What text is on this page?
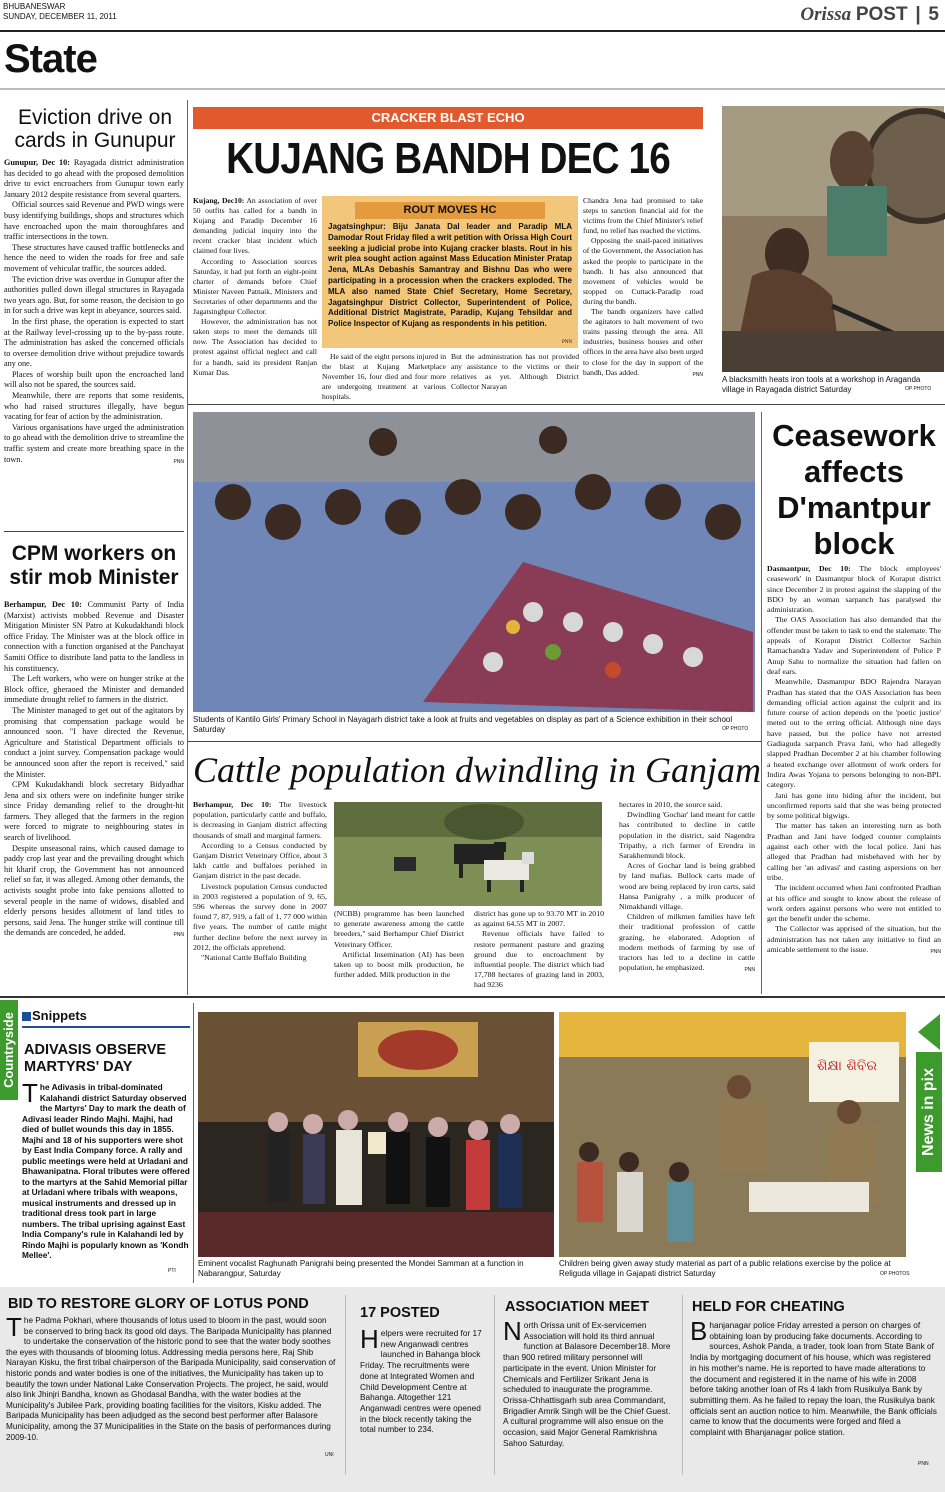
BHUBANESWAR
SUNDAY, DECEMBER 11, 2011	Orissa POST | 5
State
Eviction drive on cards in Gunupur

Gunupur, Dec 10: Rayagada district administration has decided to go ahead with the proposed demolition drive to evict encroachers from Gunupur town early January 2012 despite resistance from several quarters.

Official sources said Revenue and PWD wings were busy identifying buildings, shops and structures which have encroached upon the main thoroughfares and traffic intersections in the town.

These structures have caused traffic bottlenecks and hence the need to widen the roads for free and safe movement of vehicular traffic, the sources added.

The eviction drive was overdue in Gunupur after the authorities pulled down illegal structures in Rayagada two years ago. But, for some reason, the decision to go in for such a drive was kept in abeyance, sources said.

In the first phase, the operation is expected to start at the Railway level-crossing up to the by-pass route. The administration has asked the concerned officials to oversee demolition drive without prejudice towards any one.

Places of worship built upon the encroached land will also not be spared, the sources said.

Meanwhile, there are reports that some residents, who had raised structures illegally, have begun vacating for fear of action by the administration.

Various organisations have urged the administration to go ahead with the demolition drive to streamline the traffic system and create more breathing space in the town.	PNN

CPM workers on stir mob Minister

Berhampur, Dec 10: Communist Party of India (Marxist) activists mobbed Revenue and Disaster Mitigation Minister SN Patro at Kukudakhandi block office Friday. The Minister was at the block office in connection with a function organised at the Panchayat Samiti Office to distribute land patta to the landless in his constituency.

The Left workers, who were on hunger strike at the Block office, gheraoed the Minister and demanded immediate drought relief to farmers in the district.

The Minister managed to get out of the agitators by promising that compensation package would be announced soon. "I have directed the Revenue, Agriculture and Statistical Department officials to conduct a joint survey. Compensation package would be announced soon after the report is received," said the Minister.

CPM Kukudakhandi block secretary Bidyadhar Jena and six others were on indefinite hunger strike since Friday demanding relief to the drought-hit farmers. They alleged that the farmers in the region were forced to migrate to neighbouring states in search of livelihood.

Despite unseasonal rains, which caused damage to paddy crop last year and the prevailing drought which hit kharif crop, the Government has not announced relief so far, it was alleged. Among other demands, the activists sought probe into fake pensions allotted to several people in the name of widows, disabled and elderly persons besides allotment of land titles to persons, said Jena. The hunger strike will continue till the demands are conceded, he added.	PNN

CRACKER BLAST ECHO
KUJANG BANDH DEC 16

Kujang, Dec10: An association of over 50 outfits has called for a bandh in Kujang and Paradip December 16 demanding judicial inquiry into the recent cracker blast incident which claimed four lives.

According to Association sources Saturday, it had put forth an eight-point charter of demands before Chief Minister Naveen Patnaik, Ministers and Secretaries of other departments and the Jagatsinghpur Collector.

However, the administration has not taken steps to meet the demands till now. The Association has decided to protest against official neglect and call for a bandh, said its president Ranjan Kumar Das.

ROUT MOVES HC
Jagatsinghpur: Biju Janata Dal leader and Paradip MLA Damodar Rout Friday filed a writ petition with Orissa High Court seeking a judicial probe into Kujang cracker blasts. Rout in his writ plea sought action against Mass Education Minister Pratap Jena, MLAs Debashis Samantray and Bishnu Das who were participating in a procession when the crackers exploded. The MLA also named State Chief Secretary, Home Secretary, Jagatsinghpur District Collector, Superintendent of Police, Additional District Magistrate, Paradip, Kujang Tehsildar and Police Inspector of Kujang as respondents in his petition.
PNN

He said of the eight persons injured in the blast at Kujang Marketplace November 16, four died and four more are undergoing treatment at various hospitals.

But the administration has not provided any assistance to the victims or their relatives as yet. Although District Collector Narayan

Chandra Jena had promised to take steps to sanction financial aid for the victims from the Chief Minister's relief fund, no relief has reached the victims.

Opposing the snail-paced initiatives of the Government, the Association has asked the people to participate in the bandh. It has also announced that movement of vehicles would be stopped on Cuttack-Paradip road during the bandh.

The bandh organizers have called the agitators to halt movement of two trains passing through the area. All industries, business houses and other offices in the area have also been urged to close for the day in support of the bandh, Das added.	PNN

A blacksmith heats iron tools at a workshop in Araganda village in Rayagada district Saturday	OP PHOTO
Students of Kantilo Girls' Primary School in Nayagarh district take a look at fruits and vegetables on display as part of a Science exhibition in their school Saturday	OP PHOTO
Ceasework affects D'mantpur block

Dasmantpur, Dec 10: The block employees' ceasework' in Dasmantpur block of Koraput district since December 2 in protest against the slapping of the BDO by an woman sarpanch has paralysed the administration.

The OAS Association has also demanded that the offender must be taken to task to end the stalemate. The appeals of Koraput District Collector Sachin Ramachandra Yadav and Superintendent of Police P Anup Sahu to normalize the situation had fallen on deaf ears.

Meanwhile, Dasmantpur BDO Rajendra Narayan Pradhan has stated that the OAS Association has been demanding official action against the culprit and its future course of action depends on the 'poetic justice' meted out to the erring official. Although nine days have passed, but the police have not arrested Gadiaguda sarpanch Prava Jani, who had allegedly slapped Pradhan December 2 at his chamber following a heated exchange over allotment of work orders for Indira Awas Yojana to persons belonging to non-BPL category.

Jani has gone into hiding after the incident, but unconfirmed reports said that she was being protected by some political bigwigs.

The matter has taken an interesting turn as both Pradhan and Jani have lodged counter complaints against each other with the local police. Jani has alleged that Pradhan had misbehaved with her by calling her 'an adivasi' and casting aspersions on her tribe.

The incident occurred when Jani confronted Pradhan at his office and sought to know about the release of work orders against persons who were not entitled to get the benefit under the scheme.

The Collector was apprised of the situation, but the administration has not taken any initiative to find an amicable settlement to the issue.	PNN

Cattle population dwindling in Ganjam

Berhampur, Dec 10: The livestock population, particularly cattle and buffalo, is decreasing in Ganjam district affecting thousands of small and marginal farmers.

According to a Census conducted by Ganjam District Veterinary Office, about 3 lakh cattle and buffaloes perished in Ganjam district in the past decade.

Livestock population Census conducted in 2003 registered a population of 9, 65, 596 whereas the survey done in 2007 found 7, 87, 919, a fall of 1, 77 000 within five years. The number of cattle might further decline before the next survey in 2012, the officials apprehend.

"National Cattle Buffalo Building

(NCBB) programme has been launched to generate awareness among the cattle breeders," said Berhampur Chief District Veterinary Officer.

Artificial Insemination (AI) has been taken up to boost milk production, he further added. Milk production in the

district has gone up to 93.70 MT in 2010 as against 64.55 MT in 2007.

Revenue officials have failed to restore permanent pasture and grazing ground due to encroachment by influential people. The district which had 17,788 hectares of grazing land in 2003, had 9236

hectares in 2010, the source said.

Dwindling 'Gochar' land meant for cattle has contributed to decline in cattle population in the district, said Nagendra Tripathy, a rich farmer of Erendra in Sarakhemundi block.

Acres of Gochar land is being grabbed by land mafias. Bullock carts made of wood are being replaced by iron carts, said Hansa Panigrahy , a milk producer of Nimakhandi village.

Children of milkmen families have left their traditional profession of cattle grazing, he elaborated. Adoption of modern methods of farming by use of tractors has led to a decline in cattle population, he emphasized.	PNN

Countryside Snippets
ADIVASIS OBSERVE MARTYRS' DAY
The Adivasis in tribal-dominated Kalahandi district Saturday observed the Martyrs' Day to mark the death of Adivasi leader Rindo Majhi. Majhi, had died of bullet wounds this day in 1855. Majhi and 18 of his supporters were shot by East India Company force. A rally and public meetings were held at Urladani and Bhawanipatna. Floral tributes were offered to the martyrs at the Sahid Memorial pillar at Urladani where tribals with weapons, musical instruments and dressed up in traditional dress took part in large numbers. The tribal uprising against East India Company's rule in Kalahandi led by Rindo Majhi is popularly known as 'Kondh Mellee'.
PTI
Eminent vocalist Raghunath Panigrahi being presented the Mondei Samman at a function in Nabarangpur, Saturday
ଶିକ୍ଷା ଶିବିର
Children being given away study material as part of a public relations exercise by the police at Religuda village in Gajapati district Saturday	OP PHOTOS
News in pix
BID TO RESTORE GLORY OF LOTUS POND
The Padma Pokhari, where thousands of lotus used to bloom in the past, would soon be conserved to bring back its good old days. The Baripada Municipality has planned to undertake the conservation of the historic pond to see that the water body soothes the eyes with thousands of blooming lotus. Addressing media persons here, Raj Shib Narayan Kisku, the first tribal chairperson of the Baripada Municipality, said conservation of historic ponds and water bodies is one of the initiatives, the Municipality has taken up to beautify the town under National Lake Conservation Projects. The project, he said, would also link Jhinjri Bandha, known as Ghodasal Bandha, with the water bodies at the Municipality's Jubilee Park, providing boating facilities for the visitors, Kisku added. The Baripada Municipality has been adjudged as the second best performer after Balasore Municipality, among the 37 Municipalities in the State on the basis of performances during 2009-10.
UNI
17 POSTED
Helpers were recruited for 17 new Anganwadi centres launched in Bahanga block Friday. The recruitments were done at Integrated Women and Child Development Centre at Bahanga. Altogether 121 Anganwadi centres were opened in the block recently taking the total number to 234.
ASSOCIATION MEET
North Orissa unit of Ex-servicemen Association will hold its third annual function at Balasore December18. More than 900 retired military personnel will participate in the event. Union Minister for Chemicals and Fertilizer Srikant Jena is scheduled to inaugurate the programme. Orissa-Chhattisgarh sub area Commandant, Brigadier Amrik Singh will be the Chief Guest. A cultural programme will also ensue on the occasion, said Major General Ramkrishna Sahoo Saturday.
HELD FOR CHEATING
Bhanjanagar police Friday arrested a person on charges of obtaining loan by producing fake documents. According to sources, Ashok Panda, a trader, took loan from State Bank of India by mortgaging document of his house, which was registered in his mother's name. He is reported to have made alterations to the document and registered it in the name of his wife in 2008 before taking another loan of Rs 4 lakh from Rusikulya Bank by submitting them. As he failed to repay the loan, the Rusikulya bank officials sent an auction notice to him. Meanwhile, the Bank officials came to know that the documents were forged and filed a complaint with Bhanjanagar police station.
PNN
